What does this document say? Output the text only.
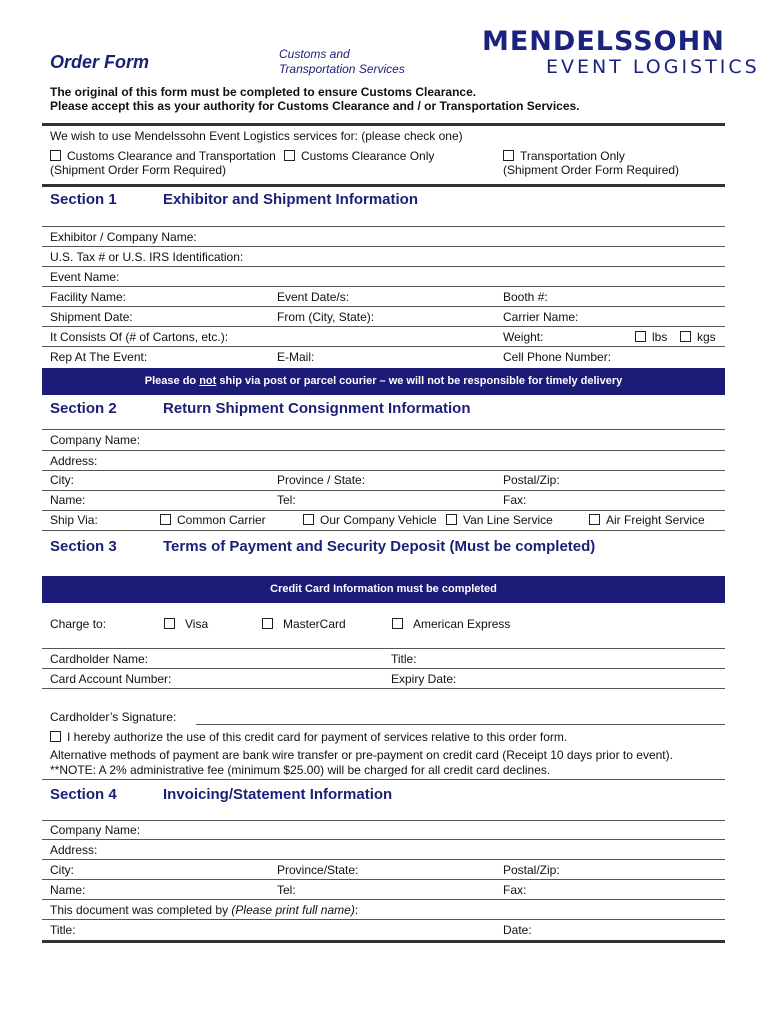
Order Form	Customs and
Transportation Services
MENDELSSOHN
EVENT LOGISTICS
The original of this form must be completed to ensure Customs Clearance.
Please accept this as your authority for Customs Clearance and / or Transportation Services.
We wish to use Mendelssohn Event Logistics services for: (please check one)
Customs Clearance and Transportation
(Shipment Order Form Required)
Customs Clearance Only	Transportation Only
(Shipment Order Form Required)
Section 1	Exhibitor and Shipment Information
Exhibitor / Company Name:
U.S. Tax # or U.S. IRS Identification:
Event Name:
Facility Name:	Event Date/s:	Booth #:
Shipment Date:	From (City, State):	Carrier Name:
It Consists Of (# of Cartons, etc.):	Weight:	lbs	kgs
Rep At The Event:	E-Mail:	Cell Phone Number:
Please do not ship via post or parcel courier – we will not be responsible for timely delivery
Section 2	Return Shipment Consignment Information
Company Name:
Address:
City:	Province / State:	Postal/Zip:
Name:	Tel:	Fax:
Ship Via:	Common Carrier	Our Company Vehicle	Van Line Service	Air Freight Service
Section 3	Terms of Payment and Security Deposit (Must be completed)
Credit Card Information must be completed
Charge to:	Visa	MasterCard	American Express
Cardholder Name:	Title:
Card Account Number:	Expiry Date:
Cardholder’s Signature:
I hereby authorize the use of this credit card for payment of services relative to this order form.
Alternative methods of payment are bank wire transfer or pre-payment on credit card (Receipt 10 days prior to event).
**NOTE: A 2% administrative fee (minimum $25.00) will be charged for all credit card declines.
Section 4	Invoicing/Statement Information
Company Name:
Address:
City:	Province/State:	Postal/Zip:
Name:	Tel:	Fax:
This document was completed by (Please print full name):
Title:	Date:
